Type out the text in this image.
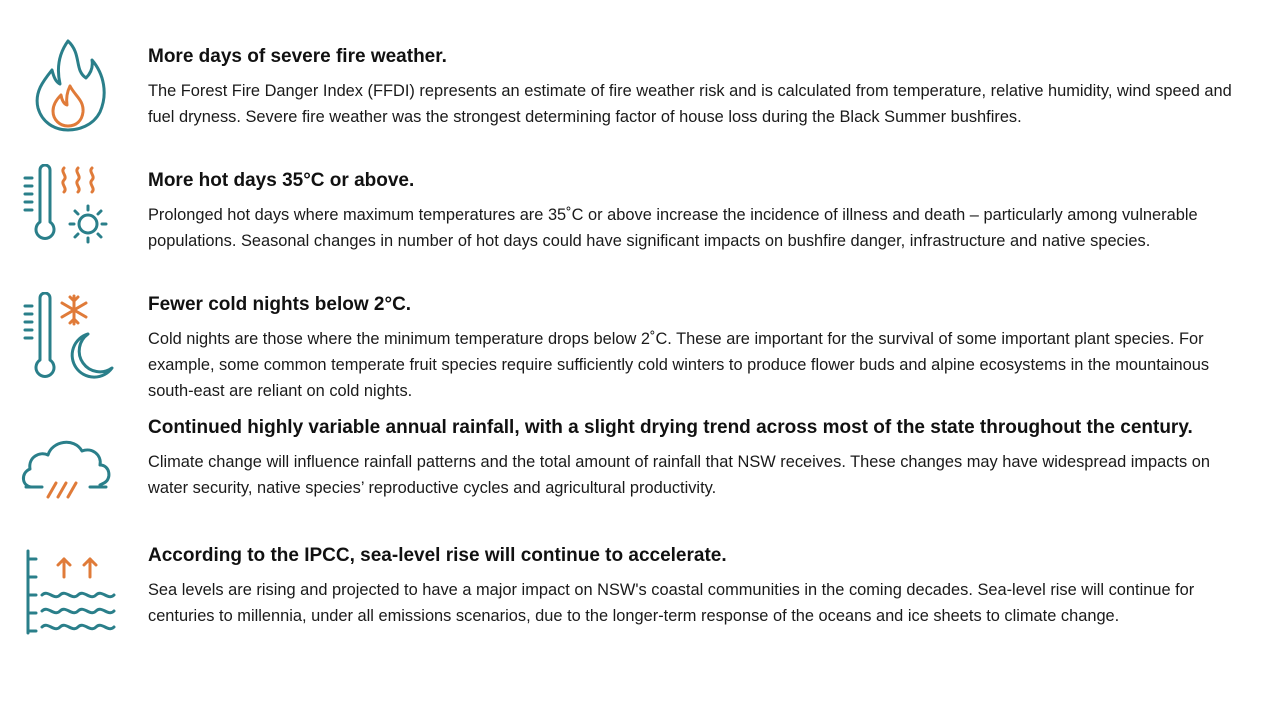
More days of severe fire weather.

The Forest Fire Danger Index (FFDI) represents an estimate of fire weather risk and is calculated from temperature, relative humidity, wind speed and fuel dryness. Severe fire weather was the strongest determining factor of house loss during the Black Summer bushfires.

More hot days 35°C or above.

Prolonged hot days where maximum temperatures are 35˚C or above increase the incidence of illness and death – particularly among vulnerable populations. Seasonal changes in number of hot days could have significant impacts on bushfire danger, infrastructure and native species.

Fewer cold nights below 2°C.

Cold nights are those where the minimum temperature drops below 2˚C. These are important for the survival of some important plant species. For example, some common temperate fruit species require sufficiently cold winters to produce flower buds and alpine ecosystems in the mountainous south-east are reliant on cold nights.

Continued highly variable annual rainfall, with a slight drying trend across most of the state throughout the century.

Climate change will influence rainfall patterns and the total amount of rainfall that NSW receives. These changes may have widespread impacts on water security, native species’ reproductive cycles and agricultural productivity.

According to the IPCC, sea-level rise will continue to accelerate.

Sea levels are rising and projected to have a major impact on NSW's coastal communities in the coming decades. Sea-level rise will continue for centuries to millennia, under all emissions scenarios, due to the longer-term response of the oceans and ice sheets to climate change.
